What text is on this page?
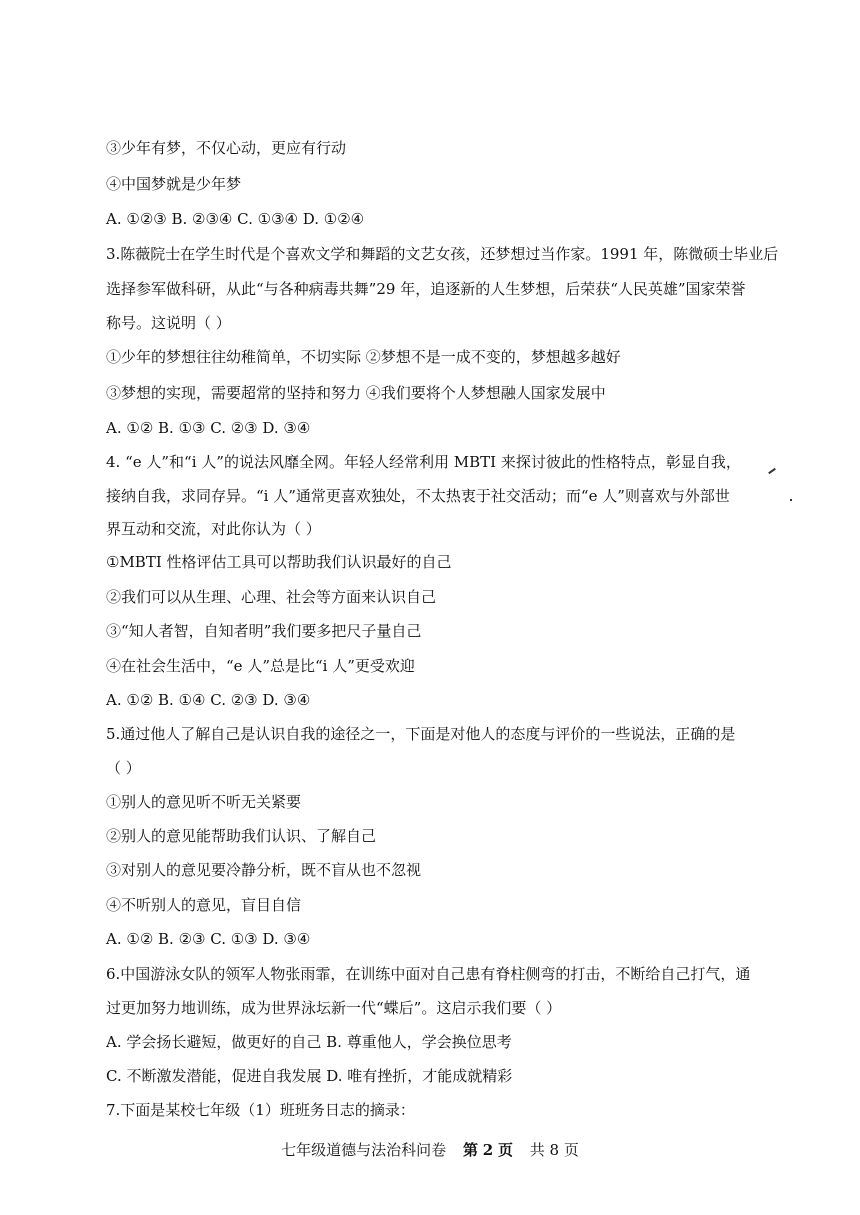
③少年有梦，不仅心动，更应有行动
④中国梦就是少年梦
A. ①②③ B. ②③④ C. ①③④ D. ①②④
3.陈薇院士在学生时代是个喜欢文学和舞蹈的文艺女孩，还梦想过当作家。1991 年，陈微硕士毕业后
选择参军做科研，从此“与各种病毒共舞”29 年，追逐新的人生梦想，后荣获“人民英雄”国家荣誉
称号。这说明（ ）
①少年的梦想往往幼稚简单，不切实际 ②梦想不是一成不变的，梦想越多越好
③梦想的实现，需要超常的坚持和努力 ④我们要将个人梦想融人国家发展中
A. ①② B. ①③ C. ②③ D. ③④
4. “e 人”和“i 人”的说法风靡全网。年轻人经常利用 MBTI 来探讨彼此的性格特点，彰显自我，
接纳自我，求同存异。“i 人”通常更喜欢独处，不太热衷于社交活动；而“e 人”则喜欢与外部世
界互动和交流，对此你认为（ ）
①MBTI 性格评估工具可以帮助我们认识最好的自己
②我们可以从生理、心理、社会等方面来认识自己
③“知人者智，自知者明”我们要多把尺子量自己
④在社会生活中，“e 人”总是比“i 人”更受欢迎
A. ①② B. ①④ C. ②③ D. ③④
5.通过他人了解自己是认识自我的途径之一，下面是对他人的态度与评价的一些说法，正确的是
（ ）
①别人的意见听不听无关紧要
②别人的意见能帮助我们认识、了解自己
③对别人的意见要冷静分析，既不盲从也不忽视
④不听别人的意见，盲目自信
A. ①② B. ②③ C. ①③ D. ③④
6.中国游泳女队的领军人物张雨霏，在训练中面对自己患有脊柱侧弯的打击，不断给自己打气，通
过更加努力地训练，成为世界泳坛新一代“蝶后”。这启示我们要（ ）
A. 学会扬长避短，做更好的自己 B. 尊重他人，学会换位思考
C. 不断激发潜能，促进自我发展 D. 唯有挫折，才能成就精彩
7.下面是某校七年级（1）班班务日志的摘录：
七年级道德与法治科问卷 第 2 页 共 8 页
